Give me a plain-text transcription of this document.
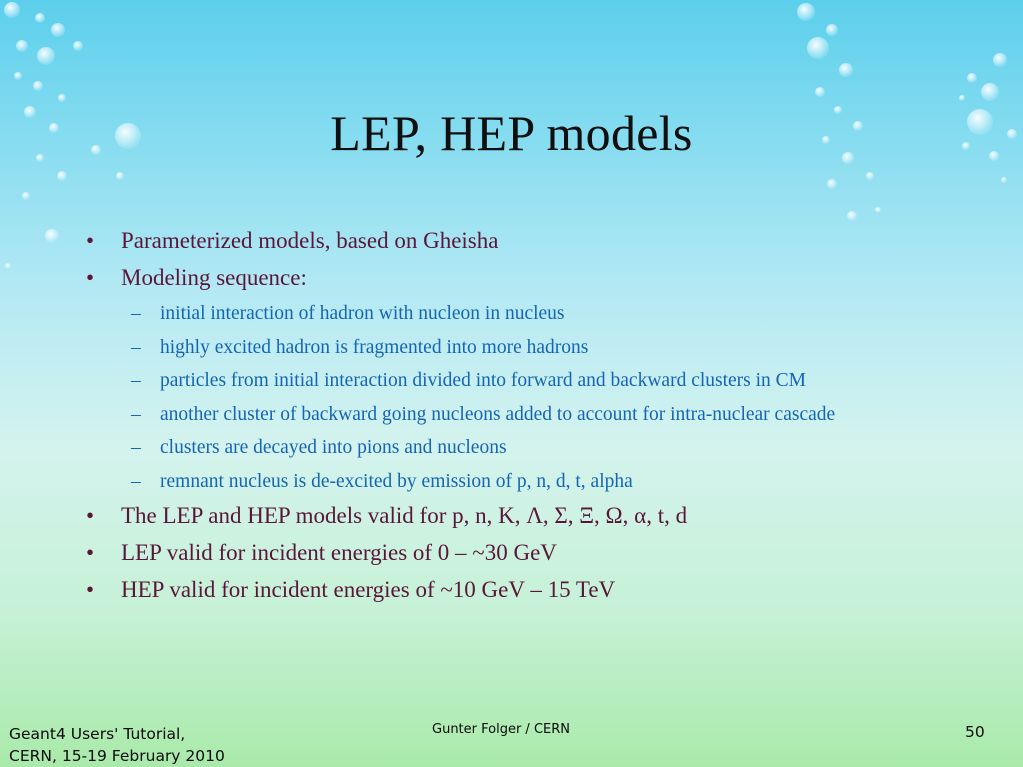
LEP, HEP models
• Parameterized models, based on Gheisha
• Modeling sequence:
– initial interaction of hadron with nucleon in nucleus
– highly excited hadron is fragmented into more hadrons
– particles from initial interaction divided into forward and backward clusters in CM
– another cluster of backward going nucleons added to account for intra-nuclear cascade
– clusters are decayed into pions and nucleons
– remnant nucleus is de-excited by emission of p, n, d, t, alpha
• The LEP and HEP models valid for p, n, K, Λ, Σ, Ξ, Ω, α, t, d
• LEP valid for incident energies of 0 – ~30 GeV
• HEP valid for incident energies of ~10 GeV – 15 TeV
Geant4 Users' Tutorial,
CERN, 15-19 February 2010
Gunter Folger / CERN	50
